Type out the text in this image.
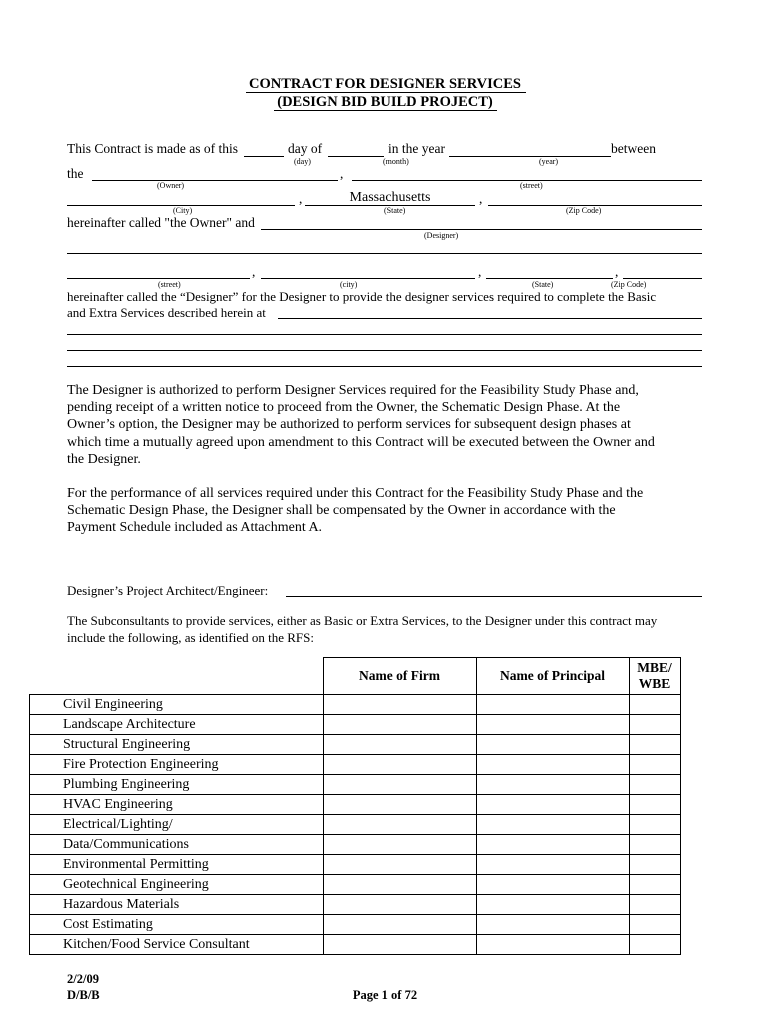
CONTRACT FOR DESIGNER SERVICES
(DESIGN BID BUILD PROJECT)
This Contract is made as of this	day of	in the year	between
(day)	(month)	(year)
the	,
(Owner)	(street)
,	Massachusetts	,
(City)	(State)	(Zip Code)
hereinafter called "the Owner" and
(Designer)
,	,	,
(street)	(city)	(State)	(Zip Code)
hereinafter called the “Designer” for the Designer to provide the designer services required to complete the Basic
and Extra Services described herein at
The Designer is authorized to perform Designer Services required for the Feasibility Study Phase and,
pending receipt of a written notice to proceed from the Owner, the Schematic Design Phase. At the
Owner’s option, the Designer may be authorized to perform services for subsequent design phases at
which time a mutually agreed upon amendment to this Contract will be executed between the Owner and
the Designer.
For the performance of all services required under this Contract for the Feasibility Study Phase and the
Schematic Design Phase, the Designer shall be compensated by the Owner in accordance with the
Payment Schedule included as Attachment A.
Designer’s Project Architect/Engineer:
The Subconsultants to provide services, either as Basic or Extra Services, to the Designer under this contract may
include the following, as identified on the RFS:
	Name of Firm	Name of Principal	MBE/
WBE

Civil Engineering			
Landscape Architecture			
Structural Engineering			
Fire Protection Engineering			
Plumbing Engineering			
HVAC Engineering			
Electrical/Lighting/			
Data/Communications			
Environmental Permitting			
Geotechnical Engineering			
Hazardous Materials			
Cost Estimating			
Kitchen/Food Service Consultant			
2/2/09
D/B/B	Page 1 of 72
